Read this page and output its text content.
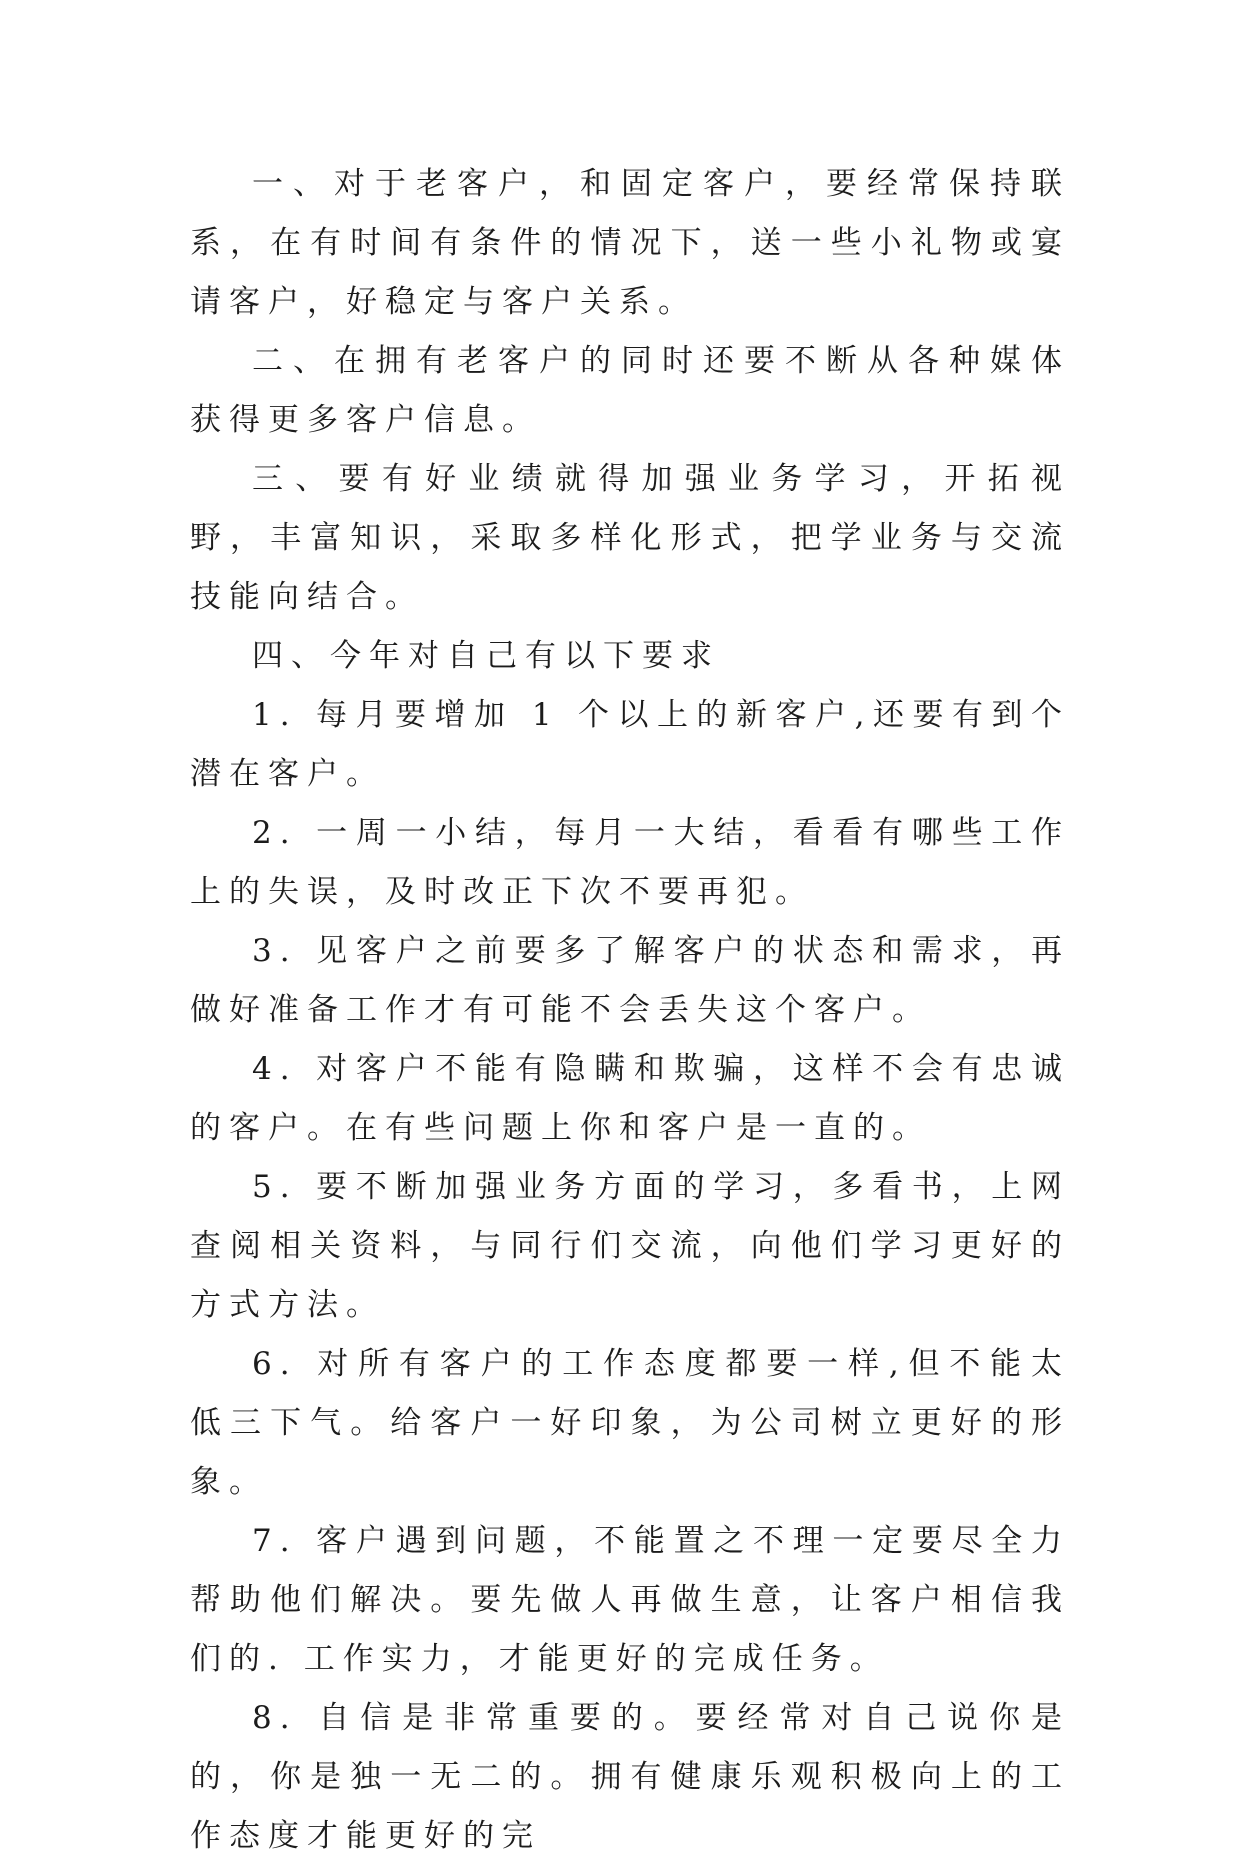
一、对于老客户，和固定客户，要经常保持联系，在有时间有条件的情况下，送一些小礼物或宴请客户，好稳定与客户关系。

二、在拥有老客户的同时还要不断从各种媒体获得更多客户信息。

三、要有好业绩就得加强业务学习，开拓视野，丰富知识，采取多样化形式，把学业务与交流技能向结合。

四、今年对自己有以下要求

1. 每月要增加 1 个以上的新客户,还要有到个潜在客户。

2. 一周一小结，每月一大结，看看有哪些工作上的失误，及时改正下次不要再犯。

3. 见客户之前要多了解客户的状态和需求，再做好准备工作才有可能不会丢失这个客户。

4. 对客户不能有隐瞒和欺骗，这样不会有忠诚的客户。在有些问题上你和客户是一直的。

5. 要不断加强业务方面的学习，多看书，上网查阅相关资料，与同行们交流，向他们学习更好的方式方法。

6. 对所有客户的工作态度都要一样,但不能太低三下气。给客户一好印象，为公司树立更好的形象。

7. 客户遇到问题，不能置之不理一定要尽全力帮助他们解决。要先做人再做生意，让客户相信我们的. 工作实力，才能更好的完成任务。

8. 自信是非常重要的。要经常对自己说你是的，你是独一无二的。拥有健康乐观积极向上的工作态度才能更好的完
